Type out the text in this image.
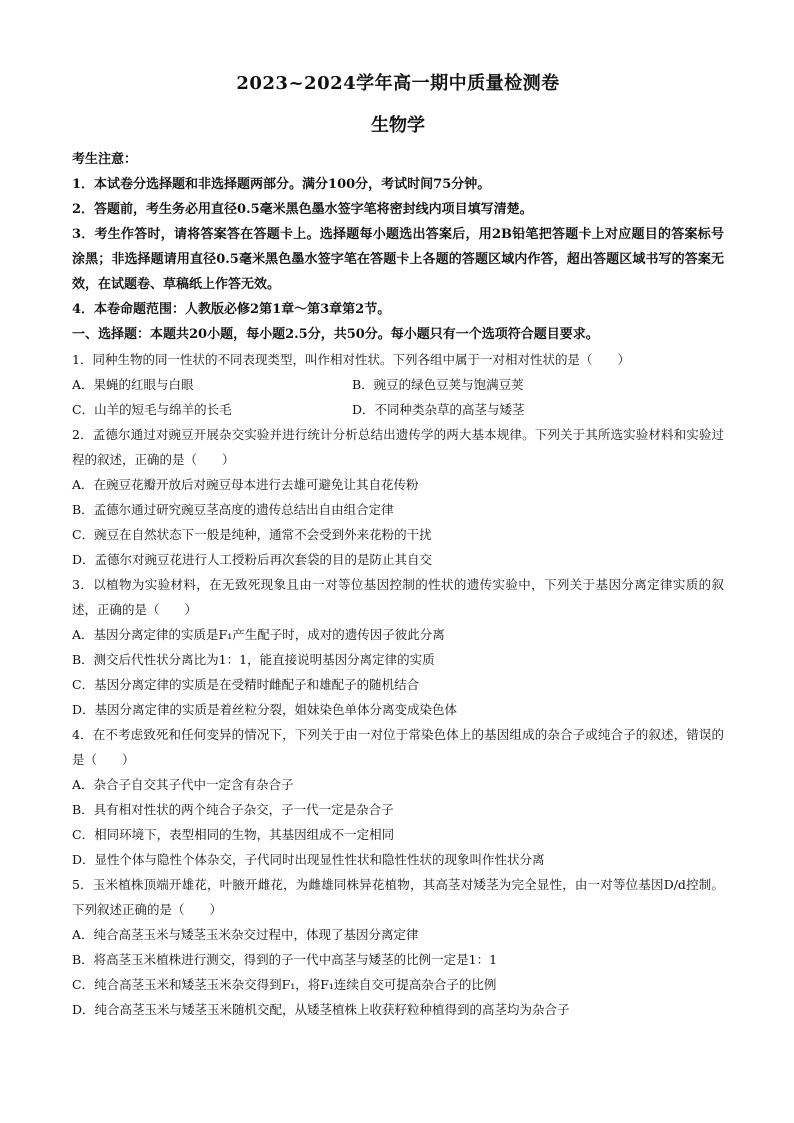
2023~2024学年高一期中质量检测卷
生物学
考生注意：
1．本试卷分选择题和非选择题两部分。满分100分，考试时间75分钟。
2．答题前，考生务必用直径0.5毫米黑色墨水签字笔将密封线内项目填写清楚。
3．考生作答时，请将答案答在答题卡上。选择题每小题选出答案后，用2B铅笔把答题卡上对应题目的答案标号涂黑；非选择题请用直径0.5毫米黑色墨水签字笔在答题卡上各题的答题区域内作答，超出答题区域书写的答案无效，在试题卷、草稿纸上作答无效。
4．本卷命题范围：人教版必修2第1章～第3章第2节。
一、选择题：本题共20小题，每小题2.5分，共50分。每小题只有一个选项符合题目要求。
1．同种生物的同一性状的不同表现类型，叫作相对性状。下列各组中属于一对相对性状的是（　　）
A．果蝇的红眼与白眼	B．豌豆的绿色豆荚与饱满豆荚
C．山羊的短毛与绵羊的长毛	D．不同种类杂草的高茎与矮茎
2．孟德尔通过对豌豆开展杂交实验并进行统计分析总结出遗传学的两大基本规律。下列关于其所选实验材料和实验过程的叙述，正确的是（　　）
A．在豌豆花瓣开放后对豌豆母本进行去雄可避免让其自花传粉
B．孟德尔通过研究豌豆茎高度的遗传总结出自由组合定律
C．豌豆在自然状态下一般是纯种，通常不会受到外来花粉的干扰
D．孟德尔对豌豆花进行人工授粉后再次套袋的目的是防止其自交
3．以植物为实验材料，在无致死现象且由一对等位基因控制的性状的遗传实验中，下列关于基因分离定律实质的叙述，正确的是（　　）
A．基因分离定律的实质是F₁产生配子时，成对的遗传因子彼此分离
B．测交后代性状分离比为1：1，能直接说明基因分离定律的实质
C．基因分离定律的实质是在受精时雌配子和雄配子的随机结合
D．基因分离定律的实质是着丝粒分裂，姐妹染色单体分离变成染色体
4．在不考虑致死和任何变异的情况下，下列关于由一对位于常染色体上的基因组成的杂合子或纯合子的叙述，错误的是（　　）
A．杂合子自交其子代中一定含有杂合子
B．具有相对性状的两个纯合子杂交，子一代一定是杂合子
C．相同环境下，表型相同的生物，其基因组成不一定相同
D．显性个体与隐性个体杂交，子代同时出现显性性状和隐性性状的现象叫作性状分离
5．玉米植株顶端开雄花，叶腋开雌花，为雌雄同株异花植物，其高茎对矮茎为完全显性，由一对等位基因D/d控制。下列叙述正确的是（　　）
A．纯合高茎玉米与矮茎玉米杂交过程中，体现了基因分离定律
B．将高茎玉米植株进行测交，得到的子一代中高茎与矮茎的比例一定是1：1
C．纯合高茎玉米和矮茎玉米杂交得到F₁，将F₁连续自交可提高杂合子的比例
D．纯合高茎玉米与矮茎玉米随机交配，从矮茎植株上收获籽粒种植得到的高茎均为杂合子
